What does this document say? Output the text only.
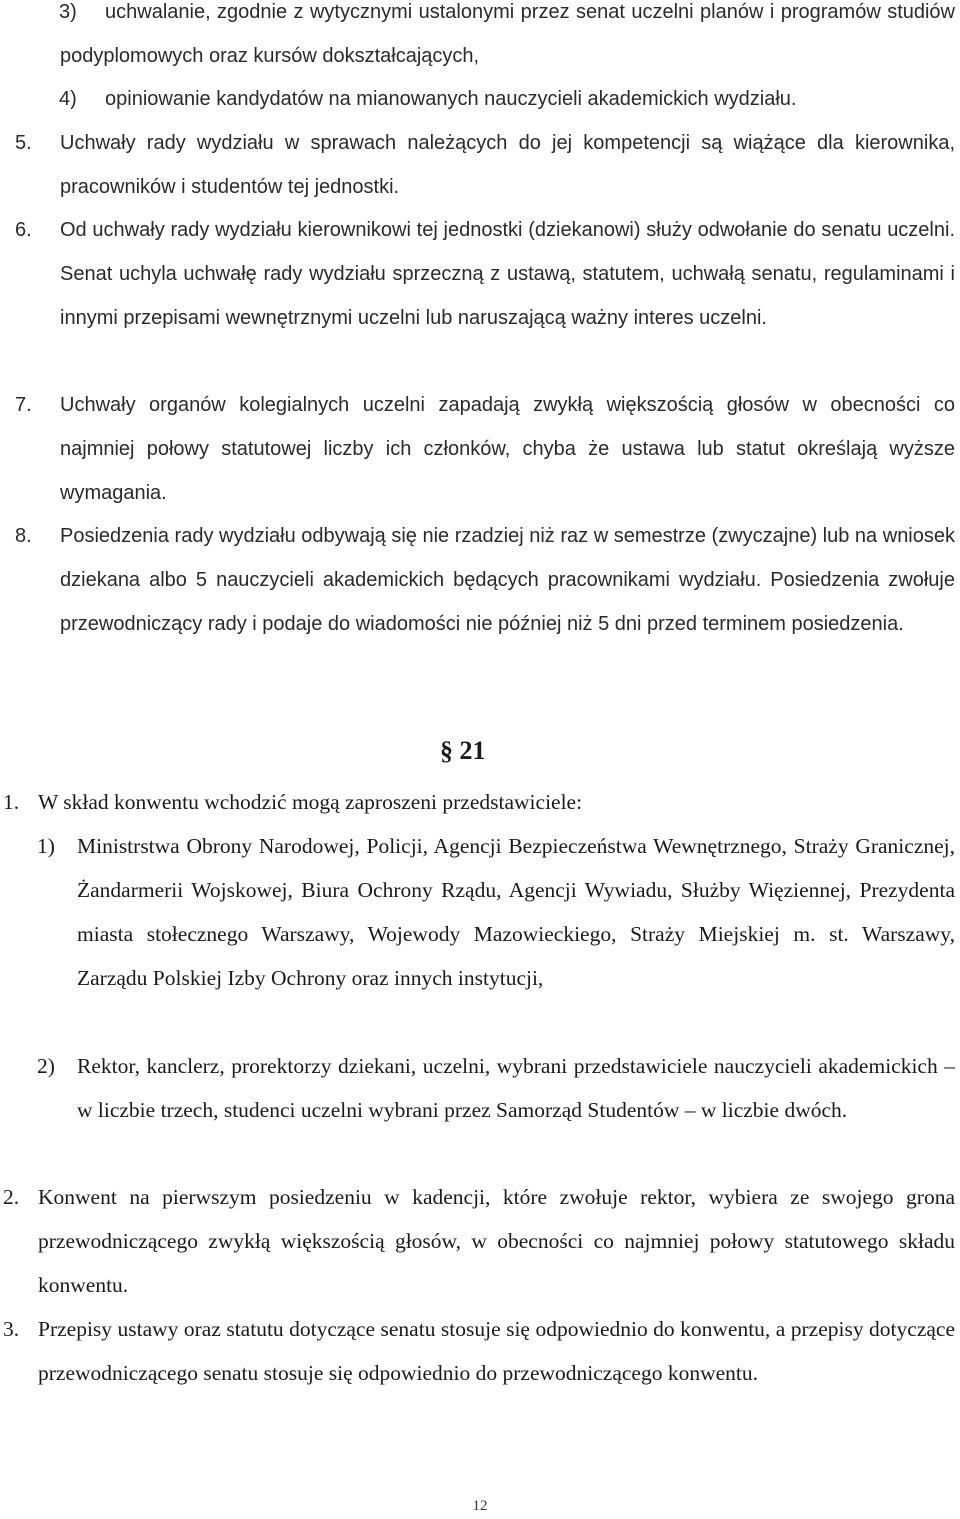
3)	uchwalanie, zgodnie z wytycznymi ustalonymi przez senat uczelni planów i programów studiów podyplomowych oraz kursów dokształcających,
4)	opiniowanie kandydatów na mianowanych nauczycieli akademickich wydziału.
5. Uchwały rady wydziału w sprawach należących do jej kompetencji są wiążące dla kierownika, pracowników i studentów tej jednostki.
6. Od uchwały rady wydziału kierownikowi tej jednostki (dziekanowi) służy odwołanie do senatu uczelni. Senat uchyla uchwałę rady wydziału sprzeczną z ustawą, statutem, uchwałą senatu, regulaminami i innymi przepisami wewnętrznymi uczelni lub naruszającą ważny interes uczelni.
7. Uchwały organów kolegialnych uczelni zapadają zwykłą większością głosów w obecności co najmniej połowy statutowej liczby ich członków, chyba że ustawa lub statut określają wyższe wymagania.
8. Posiedzenia rady wydziału odbywają się nie rzadziej niż raz w semestrze (zwyczajne) lub na wniosek dziekana albo 5 nauczycieli akademickich będących pracownikami wydziału. Posiedzenia zwołuje przewodniczący rady i podaje do wiadomości nie później niż 5 dni przed terminem posiedzenia.
§ 21
1. W skład konwentu wchodzić mogą zaproszeni przedstawiciele:
1) Ministrstwa Obrony Narodowej, Policji, Agencji Bezpieczeństwa Wewnętrznego, Straży Granicznej, Żandarmerii Wojskowej, Biura Ochrony Rządu, Agencji Wywiadu, Służby Więziennej, Prezydenta miasta stołecznego Warszawy, Wojewody Mazowieckiego, Straży Miejskiej m. st. Warszawy, Zarządu Polskiej Izby Ochrony oraz innych instytucji,
2) Rektor, kanclerz, prorektorzy dziekani, uczelni, wybrani przedstawiciele nauczycieli akademickich – w liczbie trzech, studenci uczelni wybrani przez Samorząd Studentów – w liczbie dwóch.
2. Konwent na pierwszym posiedzeniu w kadencji, które zwołuje rektor, wybiera ze swojego grona przewodniczącego zwykłą większością głosów, w obecności co najmniej połowy statutowego składu konwentu.
3. Przepisy ustawy oraz statutu dotyczące senatu stosuje się odpowiednio do konwentu, a przepisy dotyczące przewodniczącego senatu stosuje się odpowiednio do przewodniczącego konwentu.
12
